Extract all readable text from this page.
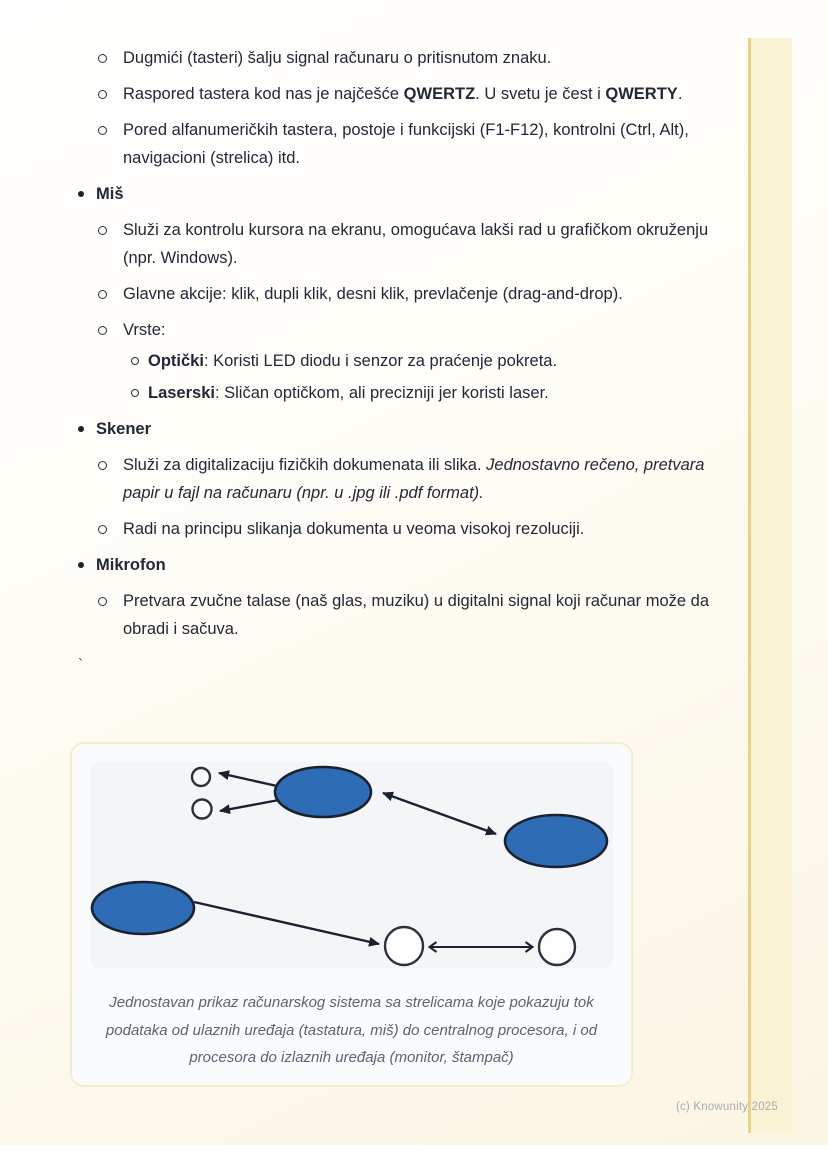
Dugmići (tasteri) šalju signal računaru o pritisnutom znaku.
Raspored tastera kod nas je najčešće QWERTZ. U svetu je čest i QWERTY.
Pored alfanumeričkih tastera, postoje i funkcijski (F1-F12), kontrolni (Ctrl, Alt), navigacioni (strelica) itd.
Miš
Služi za kontrolu kursora na ekranu, omogućava lakši rad u grafičkom okruženju (npr. Windows).
Glavne akcije: klik, dupli klik, desni klik, prevlačenje (drag-and-drop).
Vrste:
Optički: Koristi LED diodu i senzor za praćenje pokreta.
Laserski: Sličan optičkom, ali precizniji jer koristi laser.
Skener
Služi za digitalizaciju fizičkih dokumenata ili slika. Jednostavno rečeno, pretvara papir u fajl na računaru (npr. u .jpg ili .pdf format).
Radi na principu slikanja dokumenta u veoma visokoj rezoluciji.
Mikrofon
Pretvara zvučne talase (naš glas, muziku) u digitalni signal koji računar može da obradi i sačuva.
`
Jednostavan prikaz računarskog sistema sa strelicama koje pokazuju tok podataka od ulaznih uređaja (tastatura, miš) do centralnog procesora, i od procesora do izlaznih uređaja (monitor, štampač)
(c) Knowunity 2025
